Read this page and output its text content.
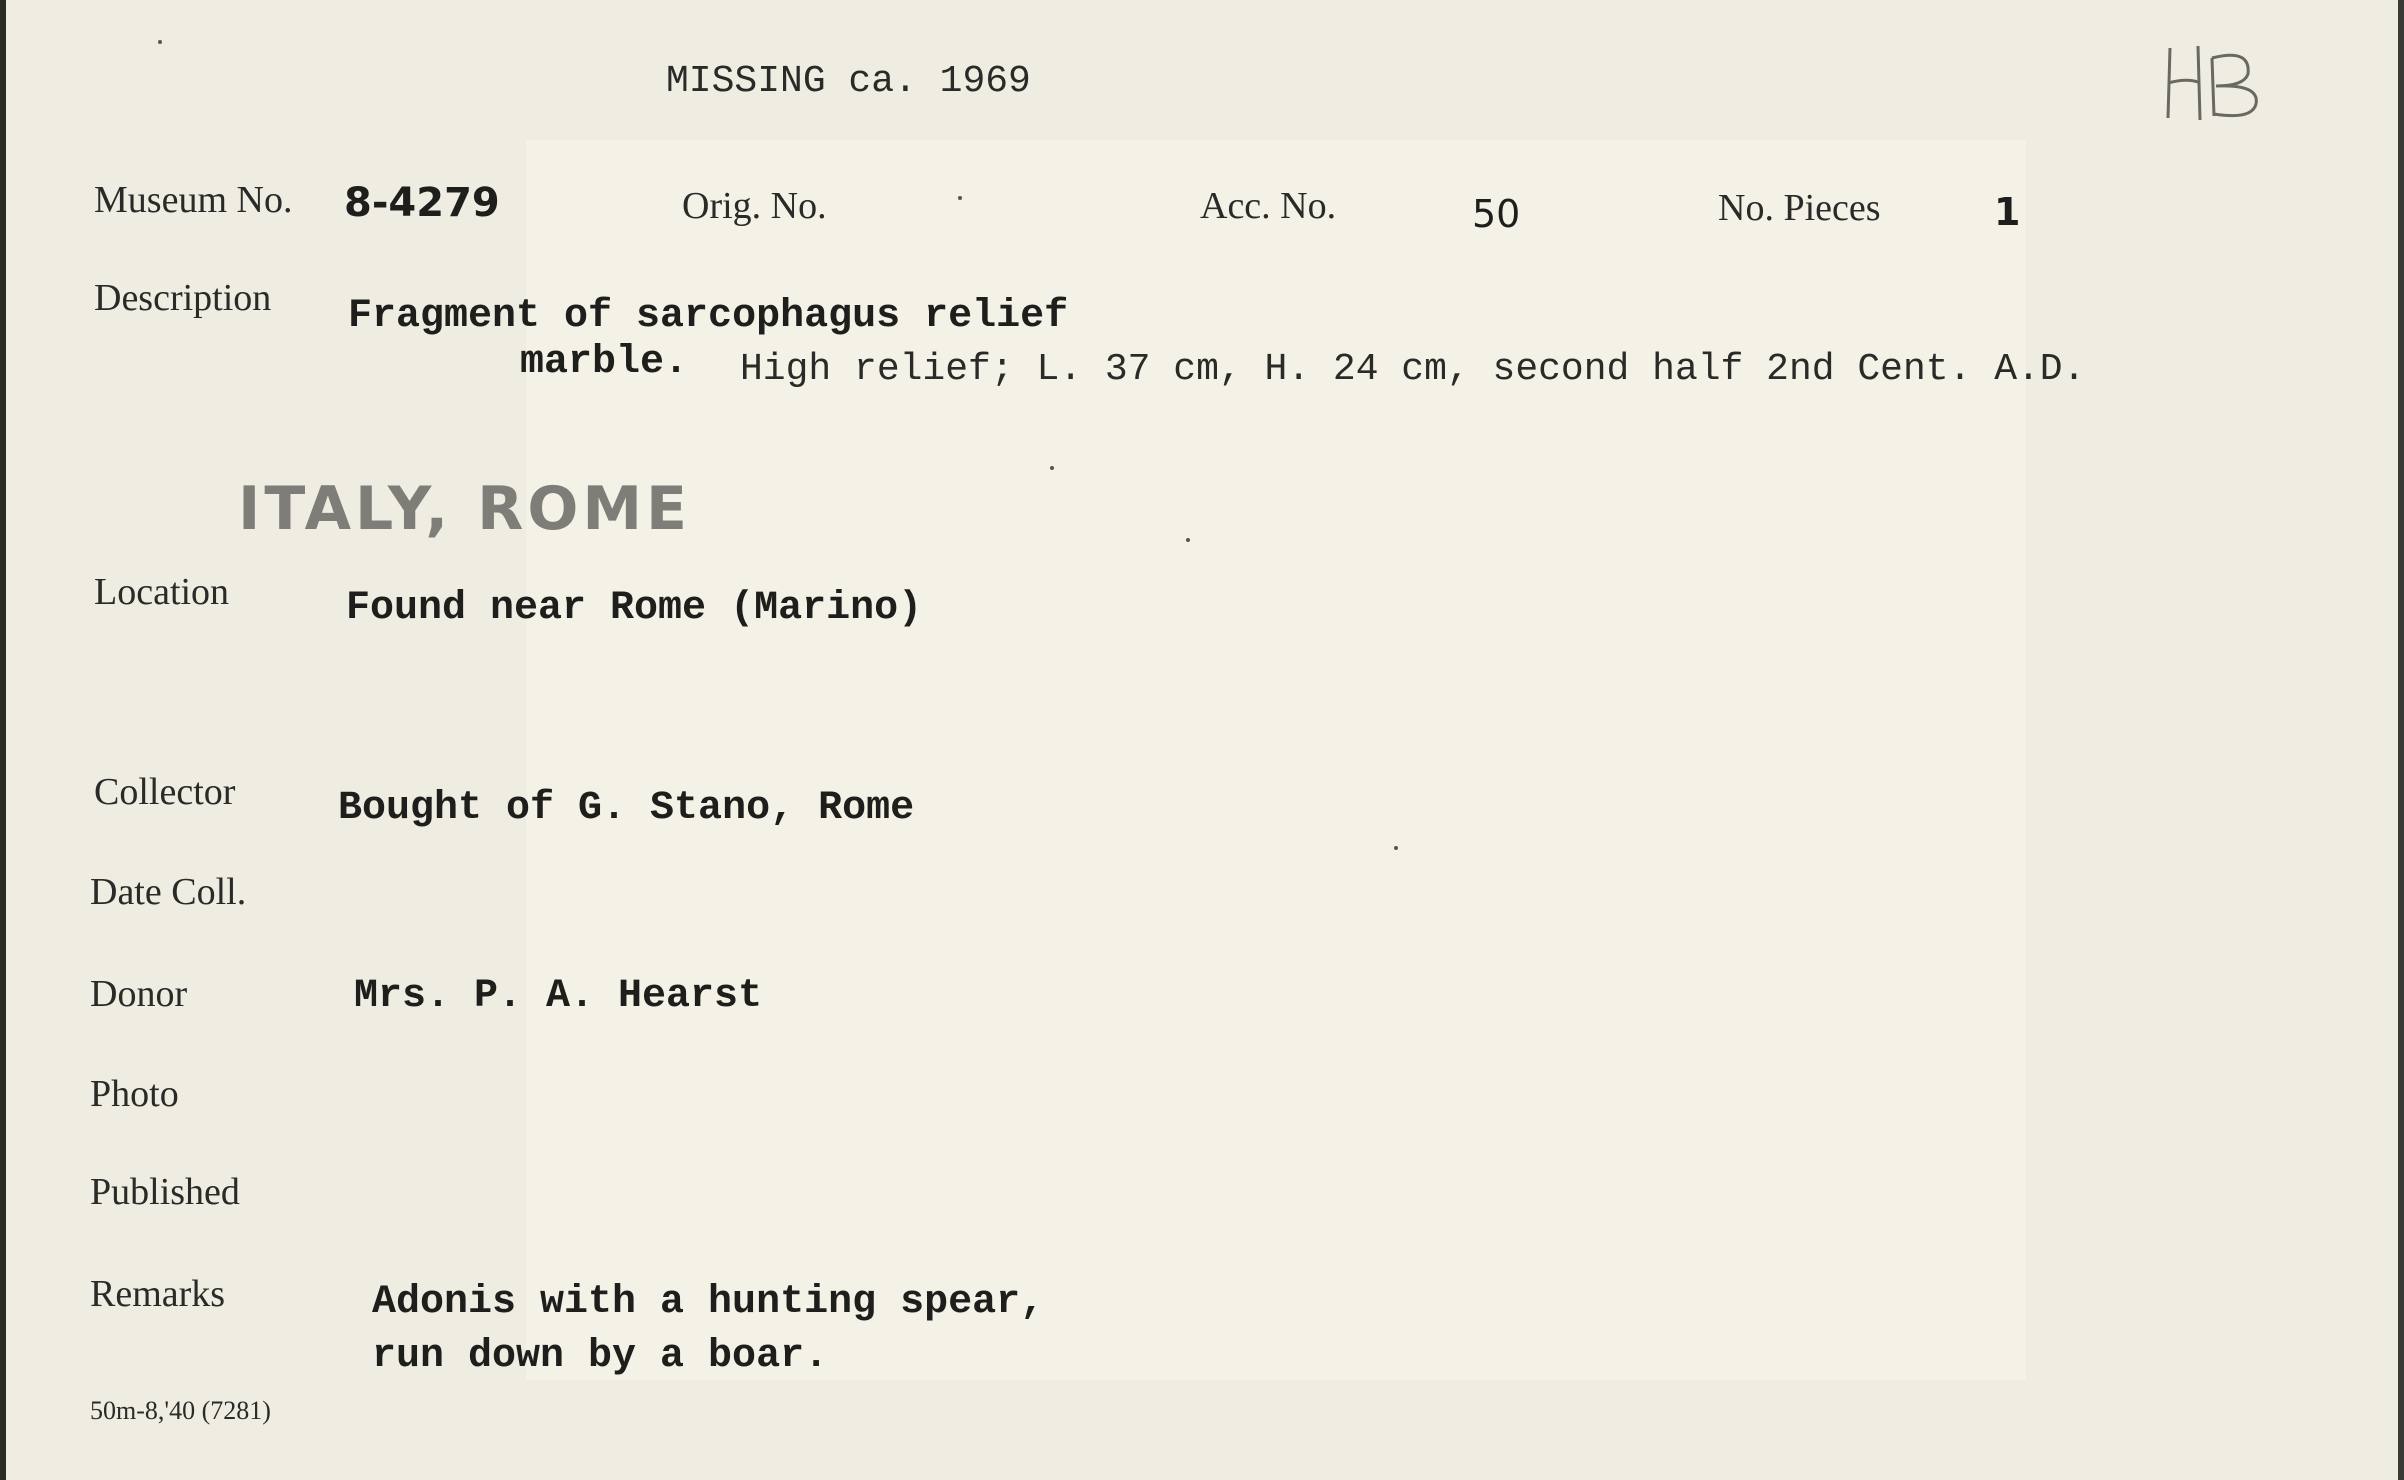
MISSING ca. 1969
Museum No. 8-4279	Orig. No.	Acc. No.	50	No. Pieces	1
Description Fragment of sarcophagus relief
marble. High relief; L. 37 cm, H. 24 cm, second half 2nd Cent. A.D.
ITALY, ROME
Location	Found near Rome (Marino)
Collector	Bought of G. Stano, Rome
Date Coll.
Donor	Mrs. P. A. Hearst
Photo
Published
Remarks	Adonis with a hunting spear,
run down by a boar.
50m-8,'40 (7281)
